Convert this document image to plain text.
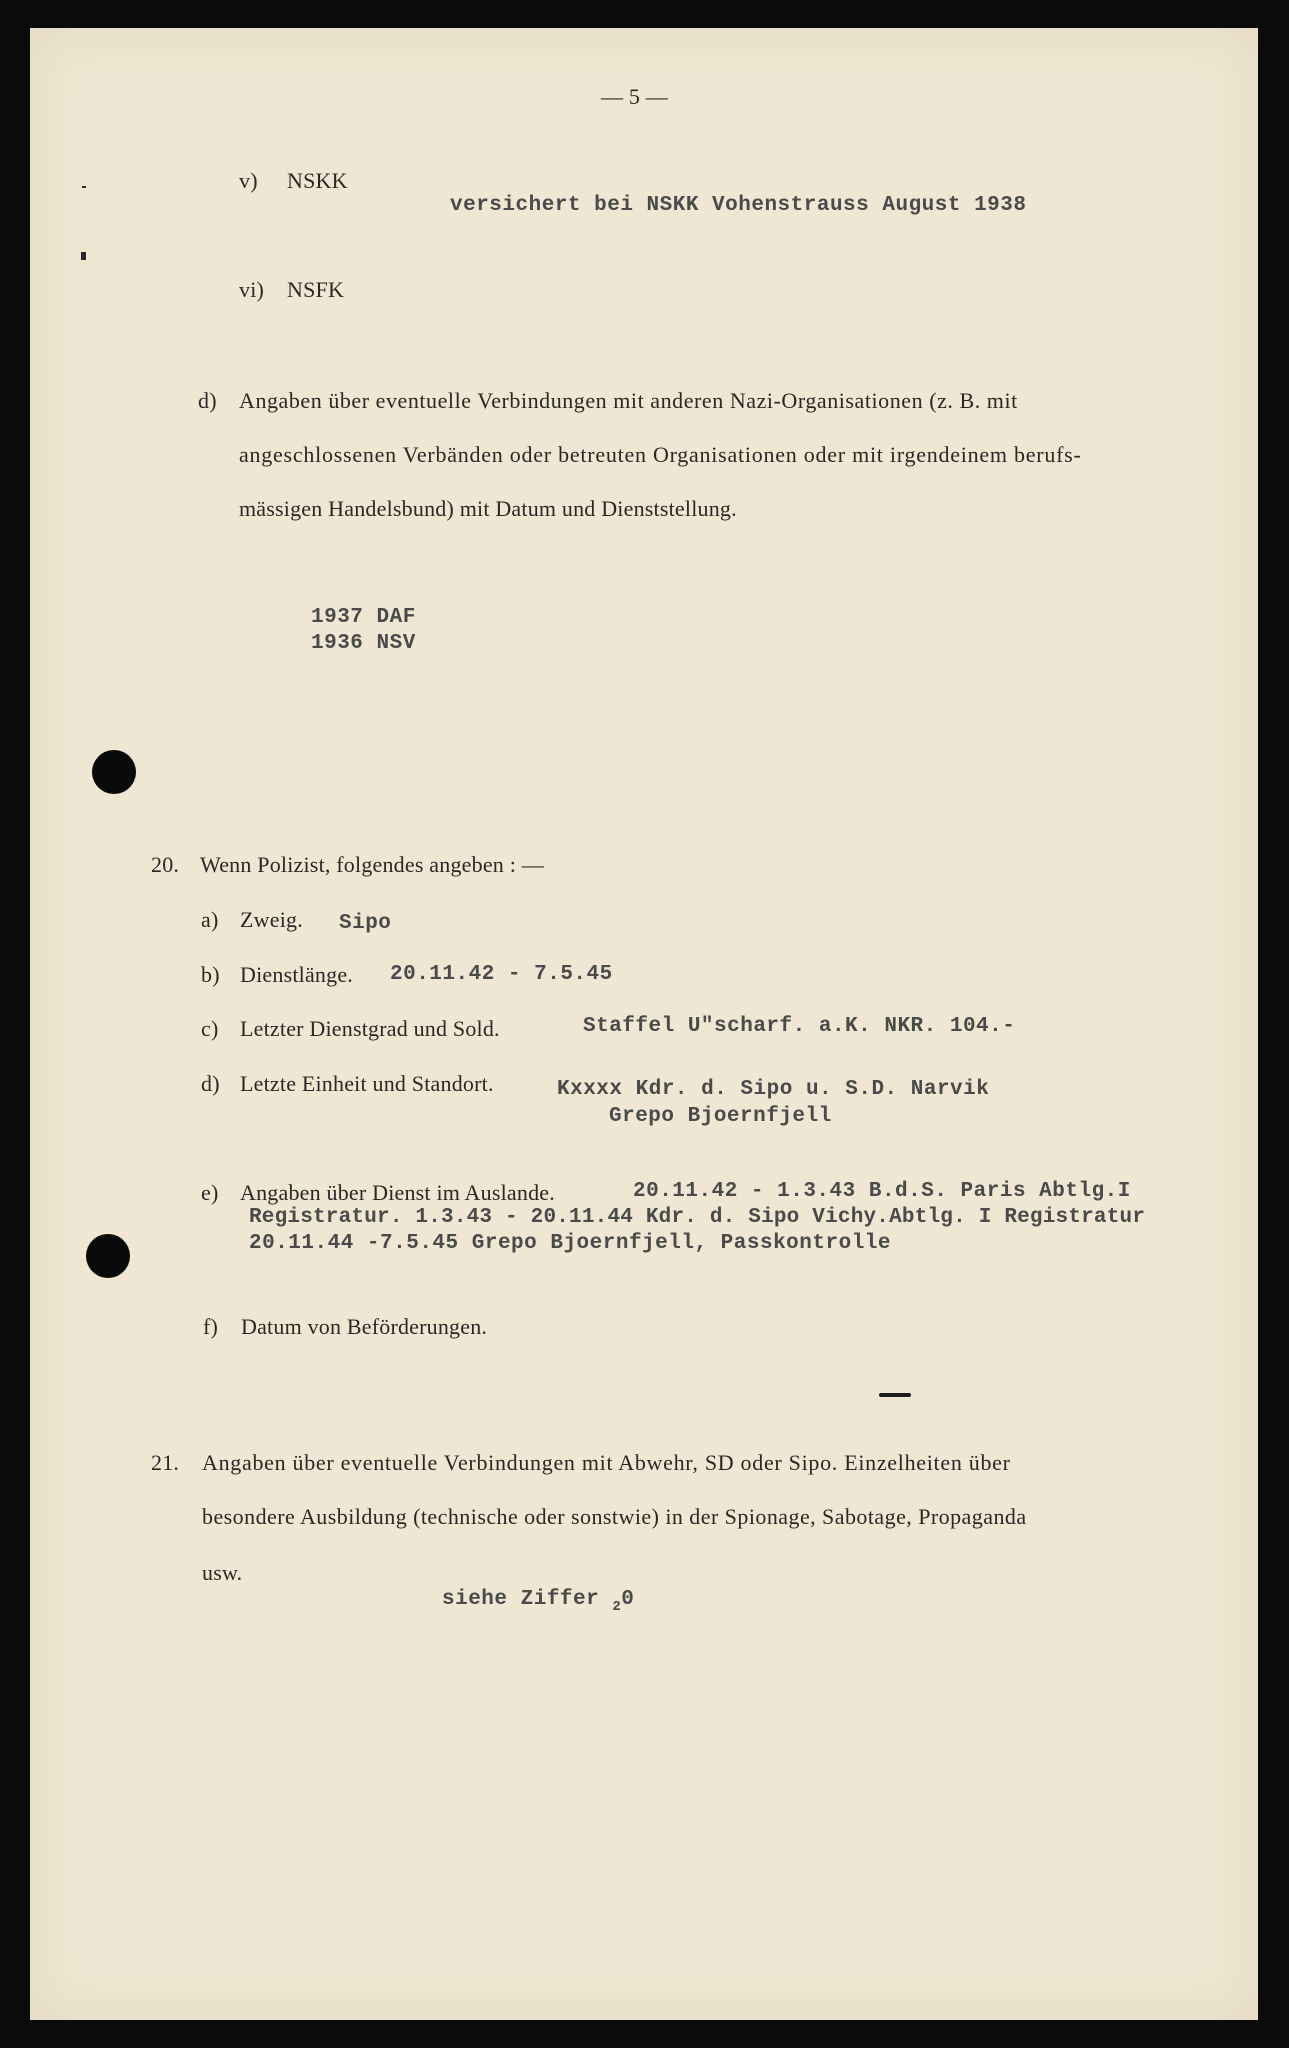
— 5 —
v) NSKK
versichert bei NSKK Vohenstrauss August 1938
vi) NSFK
d) Angaben über eventuelle Verbindungen mit anderen Nazi-Organisationen (z. B. mit
angeschlossenen Verbänden oder betreuten Organisationen oder mit irgendeinem berufs-
mässigen Handelsbund) mit Datum und Dienststellung.
1937 DAF
1936 NSV
20. Wenn Polizist, folgendes angeben : —
a) Zweig. Sipo
b) Dienstlänge. 20.11.42 - 7.5.45
c) Letzter Dienstgrad und Sold.	Staffel U"scharf. a.K. NKR. 104.-
d) Letzte Einheit und Standort.	Kxxxx Kdr. d. Sipo u. S.D. Narvik
Grepo Bjoernfjell
e) Angaben über Dienst im Auslande.	20.11.42 - 1.3.43 B.d.S. Paris Abtlg.I
Registratur. 1.3.43 - 20.11.44 Kdr. d. Sipo Vichy.Abtlg. I Registratur
20.11.44 -7.5.45 Grepo Bjoernfjell, Passkontrolle
f) Datum von Beförderungen.
21. Angaben über eventuelle Verbindungen mit Abwehr, SD oder Sipo. Einzelheiten über
besondere Ausbildung (technische oder sonstwie) in der Spionage, Sabotage, Propaganda
usw.
siehe Ziffer $_2$0
